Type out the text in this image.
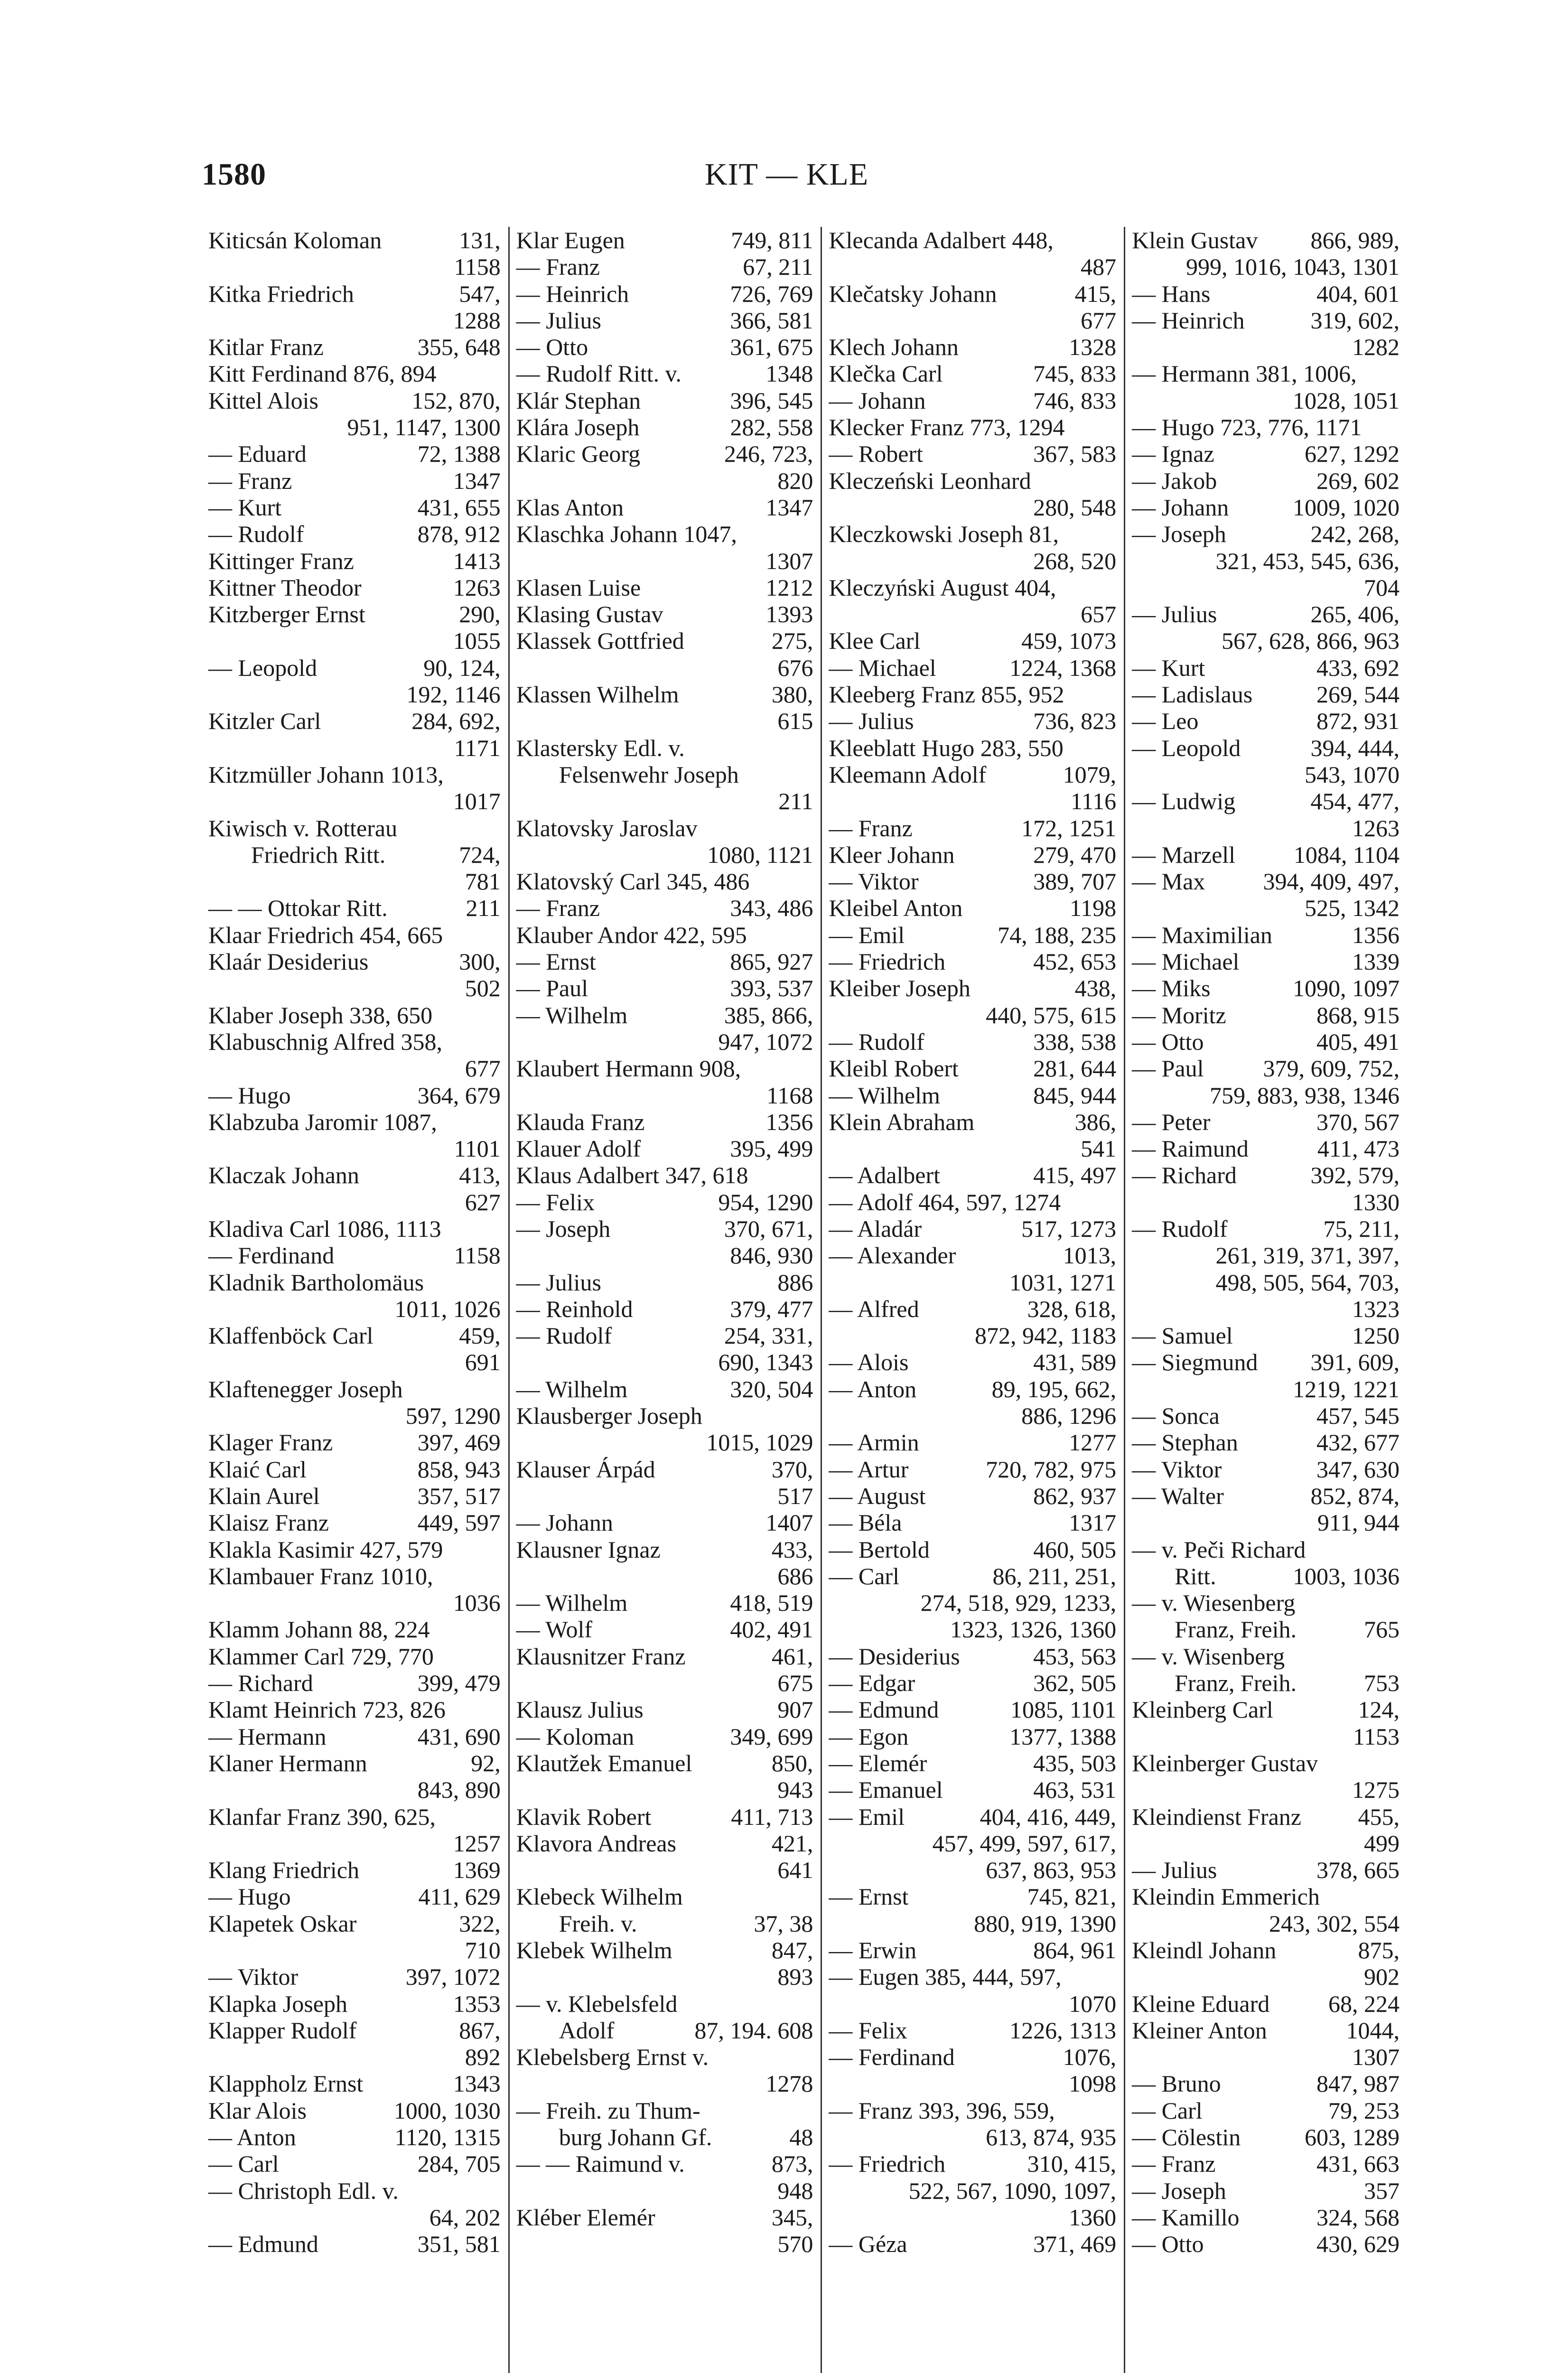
1580	KIT — KLE
Kiticsán Koloman	131,
1158
Kitka Friedrich	547,
1288
Kitlar Franz	355, 648
Kitt Ferdinand 876, 894
Kittel Alois	152, 870,
951, 1147, 1300
— Eduard	72, 1388
— Franz	1347
— Kurt	431, 655
— Rudolf	878, 912
Kittinger Franz	1413
Kittner Theodor	1263
Kitzberger Ernst	290,
1055
— Leopold	90, 124,
192, 1146
Kitzler Carl	284, 692,
1171
Kitzmüller Johann 1013,
1017
Kiwisch v. Rotterau
Friedrich Ritt.	724,
781
— — Ottokar Ritt.	211
Klaar Friedrich 454, 665
Klaár Desiderius	300,
502
Klaber Joseph 338, 650
Klabuschnig Alfred 358,
677
— Hugo	364, 679
Klabzuba Jaromir 1087,
1101
Klaczak Johann	413,
627
Kladiva Carl 1086, 1113
— Ferdinand	1158
Kladnik Bartholomäus
1011, 1026
Klaffenböck Carl	459,
691
Klaftenegger Joseph
597, 1290
Klager Franz	397, 469
Klaić Carl	858, 943
Klain Aurel	357, 517
Klaisz Franz	449, 597
Klakla Kasimir 427, 579
Klambauer Franz 1010,
1036
Klamm Johann 88, 224
Klammer Carl 729, 770
— Richard	399, 479
Klamt Heinrich 723, 826
— Hermann	431, 690
Klaner Hermann	92,
843, 890
Klanfar Franz 390, 625,
1257
Klang Friedrich	1369
— Hugo	411, 629
Klapetek Oskar	322,
710
— Viktor	397, 1072
Klapka Joseph	1353
Klapper Rudolf	867,
892
Klappholz Ernst	1343
Klar Alois	1000, 1030
— Anton	1120, 1315
— Carl	284, 705
— Christoph Edl. v.
64, 202
— Edmund	351, 581
Klar Eugen	749, 811
— Franz	67, 211
— Heinrich	726, 769
— Julius	366, 581
— Otto	361, 675
— Rudolf Ritt. v.	1348
Klár Stephan	396, 545
Klára Joseph	282, 558
Klaric Georg	246, 723,
820
Klas Anton	1347
Klaschka Johann 1047,
1307
Klasen Luise	1212
Klasing Gustav	1393
Klassek Gottfried	275,
676
Klassen Wilhelm	380,
615
Klastersky Edl. v.
Felsenwehr Joseph
211
Klatovsky Jaroslav
1080, 1121
Klatovský Carl 345, 486
— Franz	343, 486
Klauber Andor 422, 595
— Ernst	865, 927
— Paul	393, 537
— Wilhelm	385, 866,
947, 1072
Klaubert Hermann 908,
1168
Klauda Franz	1356
Klauer Adolf	395, 499
Klaus Adalbert 347, 618
— Felix	954, 1290
— Joseph	370, 671,
846, 930
— Julius	886
— Reinhold	379, 477
— Rudolf	254, 331,
690, 1343
— Wilhelm	320, 504
Klausberger Joseph
1015, 1029
Klauser Árpád	370,
517
— Johann	1407
Klausner Ignaz	433,
686
— Wilhelm	418, 519
— Wolf	402, 491
Klausnitzer Franz	461,
675
Klausz Julius	907
— Koloman	349, 699
Klautžek Emanuel	850,
943
Klavik Robert	411, 713
Klavora Andreas	421,
641
Klebeck Wilhelm
Freih. v.	37, 38
Klebek Wilhelm	847,
893
— v. Klebelsfeld
Adolf	87, 194. 608
Klebelsberg Ernst v.
1278
— Freih. zu Thum-
burg Johann Gf.	48
— — Raimund v.	873,
948
Kléber Elemér	345,
570
Klecanda Adalbert 448,
487
Klečatsky Johann	415,
677
Klech Johann	1328
Klečka Carl	745, 833
— Johann	746, 833
Klecker Franz 773, 1294
— Robert	367, 583
Kleczeński Leonhard
280, 548
Kleczkowski Joseph 81,
268, 520
Kleczyński August 404,
657
Klee Carl	459, 1073
— Michael	1224, 1368
Kleeberg Franz 855, 952
— Julius	736, 823
Kleeblatt Hugo 283, 550
Kleemann Adolf	1079,
1116
— Franz	172, 1251
Kleer Johann	279, 470
— Viktor	389, 707
Kleibel Anton	1198
— Emil	74, 188, 235
— Friedrich	452, 653
Kleiber Joseph	438,
440, 575, 615
— Rudolf	338, 538
Kleibl Robert	281, 644
— Wilhelm	845, 944
Klein Abraham	386,
541
— Adalbert	415, 497
— Adolf 464, 597, 1274
— Aladár	517, 1273
— Alexander	1013,
1031, 1271
— Alfred	328, 618,
872, 942, 1183
— Alois	431, 589
— Anton	89, 195, 662,
886, 1296
— Armin	1277
— Artur	720, 782, 975
— August	862, 937
— Béla	1317
— Bertold	460, 505
— Carl	86, 211, 251,
274, 518, 929, 1233,
1323, 1326, 1360
— Desiderius	453, 563
— Edgar	362, 505
— Edmund	1085, 1101
— Egon	1377, 1388
— Elemér	435, 503
— Emanuel	463, 531
— Emil	404, 416, 449,
457, 499, 597, 617,
637, 863, 953
— Ernst	745, 821,
880, 919, 1390
— Erwin	864, 961
— Eugen 385, 444, 597,
1070
— Felix	1226, 1313
— Ferdinand	1076,
1098
— Franz 393, 396, 559,
613, 874, 935
— Friedrich	310, 415,
522, 567, 1090, 1097,
1360
— Géza	371, 469
Klein Gustav 866, 989,
999, 1016, 1043, 1301
— Hans	404, 601
— Heinrich	319, 602,
1282
— Hermann 381, 1006,
1028, 1051
— Hugo 723, 776, 1171
— Ignaz	627, 1292
— Jakob	269, 602
— Johann	1009, 1020
— Joseph	242, 268,
321, 453, 545, 636,
704
— Julius	265, 406,
567, 628, 866, 963
— Kurt	433, 692
— Ladislaus	269, 544
— Leo	872, 931
— Leopold	394, 444,
543, 1070
— Ludwig	454, 477,
1263
— Marzell 1084, 1104
— Max 394, 409, 497,
525, 1342
— Maximilian	1356
— Michael	1339
— Miks	1090, 1097
— Moritz	868, 915
— Otto	405, 491
— Paul 379, 609, 752,
759, 883, 938, 1346
— Peter	370, 567
— Raimund	411, 473
— Richard	392, 579,
1330
— Rudolf	75, 211,
261, 319, 371, 397,
498, 505, 564, 703,
1323
— Samuel	1250
— Siegmund 391, 609,
1219, 1221
— Sonca	457, 545
— Stephan	432, 677
— Viktor	347, 630
— Walter	852, 874,
911, 944
— v. Peči Richard
Ritt.	1003, 1036
— v. Wiesenberg
Franz, Freih.	765
— v. Wisenberg
Franz, Freih.	753
Kleinberg Carl	124,
1153
Kleinberger Gustav
1275
Kleindienst Franz 455,
499
— Julius	378, 665
Kleindin Emmerich
243, 302, 554
Kleindl Johann	875,
902
Kleine Eduard 68, 224
Kleiner Anton	1044,
1307
— Bruno	847, 987
— Carl	79, 253
— Cölestin	603, 1289
— Franz	431, 663
— Joseph	357
— Kamillo	324, 568
— Otto	430, 629
